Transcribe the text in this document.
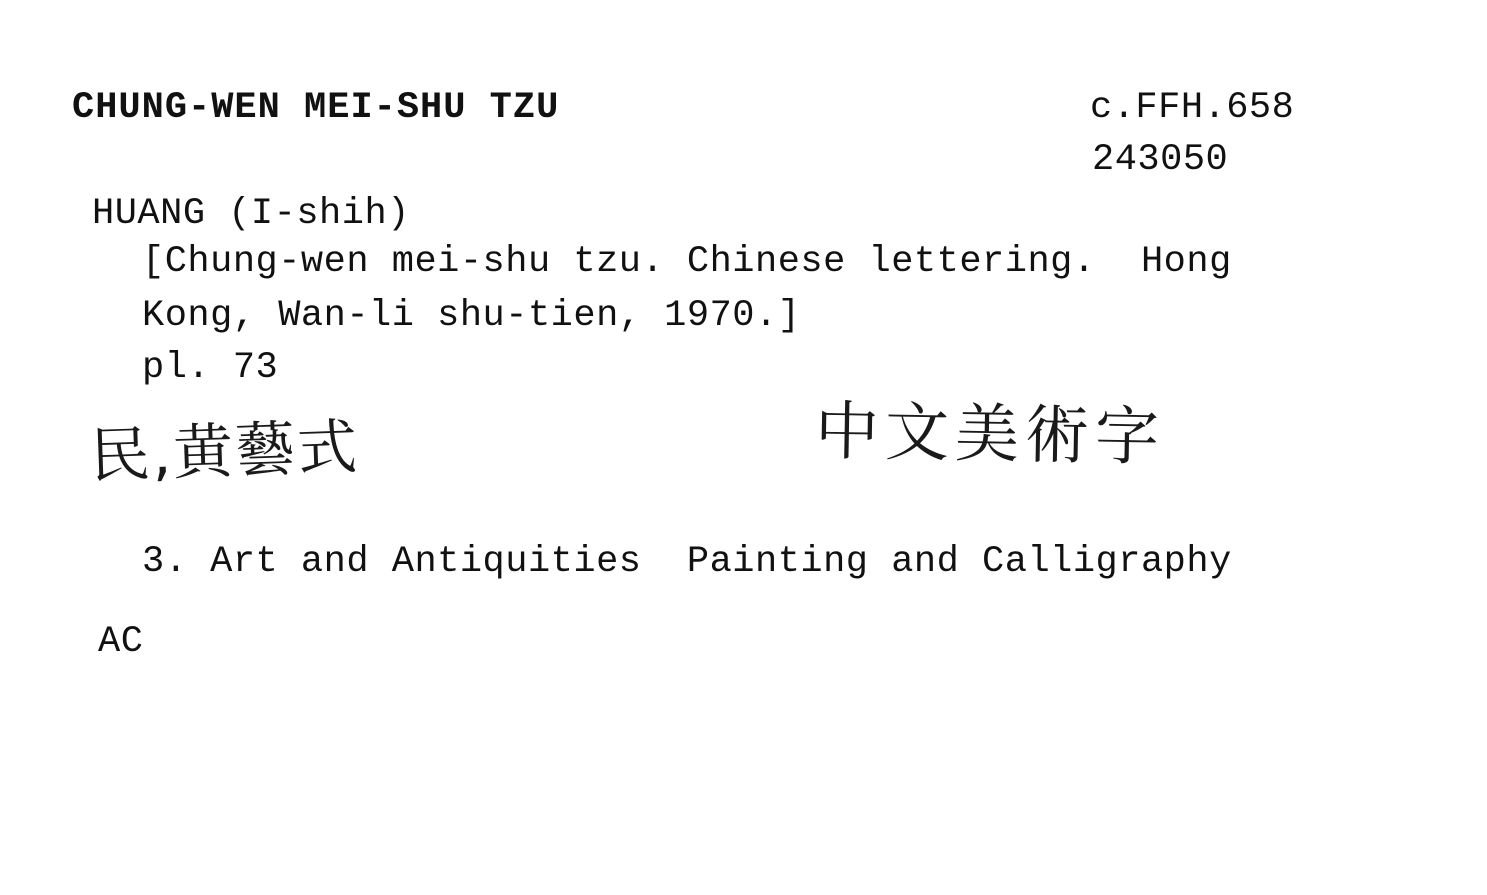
CHUNG-WEN MEI-SHU TZU	c.FFH.658
243050
HUANG (I-shih)
[Chung-wen mei-shu tzu. Chinese lettering.  Hong
Kong, Wan-li shu-tien, 1970.]
pl. 73
民,黄藝式	中文美術字
3. Art and Antiquities  Painting and Calligraphy
AC
